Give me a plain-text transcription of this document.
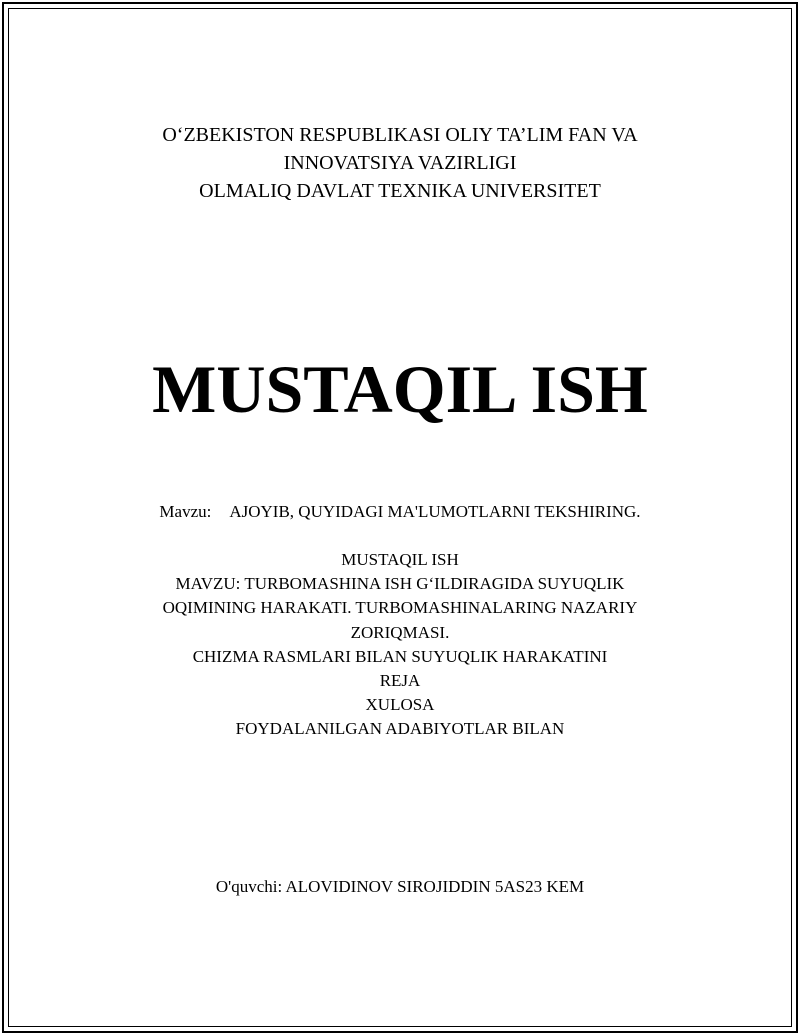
O‘ZBEKISTON RESPUBLIKASI OLIY TA’LIM FAN VA
INNOVATSIYA VAZIRLIGI
OLMALIQ DAVLAT TEXNIKA UNIVERSITET
MUSTAQIL ISH
Mavzu: AJOYIB, QUYIDAGI MA'LUMOTLARNI TEKSHIRING.
MUSTAQIL ISH
MAVZU: TURBOMASHINA ISH G‘ILDIRAGIDA SUYUQLIK
OQIMINING HARAKATI. TURBOMASHINALARING NAZARIY
ZORIQMASI.
CHIZMA RASMLARI BILAN SUYUQLIK HARAKATINI
REJA
XULOSA
FOYDALANILGAN ADABIYOTLAR BILAN
O'quvchi: ALOVIDINOV SIROJIDDIN 5AS23 KEM
